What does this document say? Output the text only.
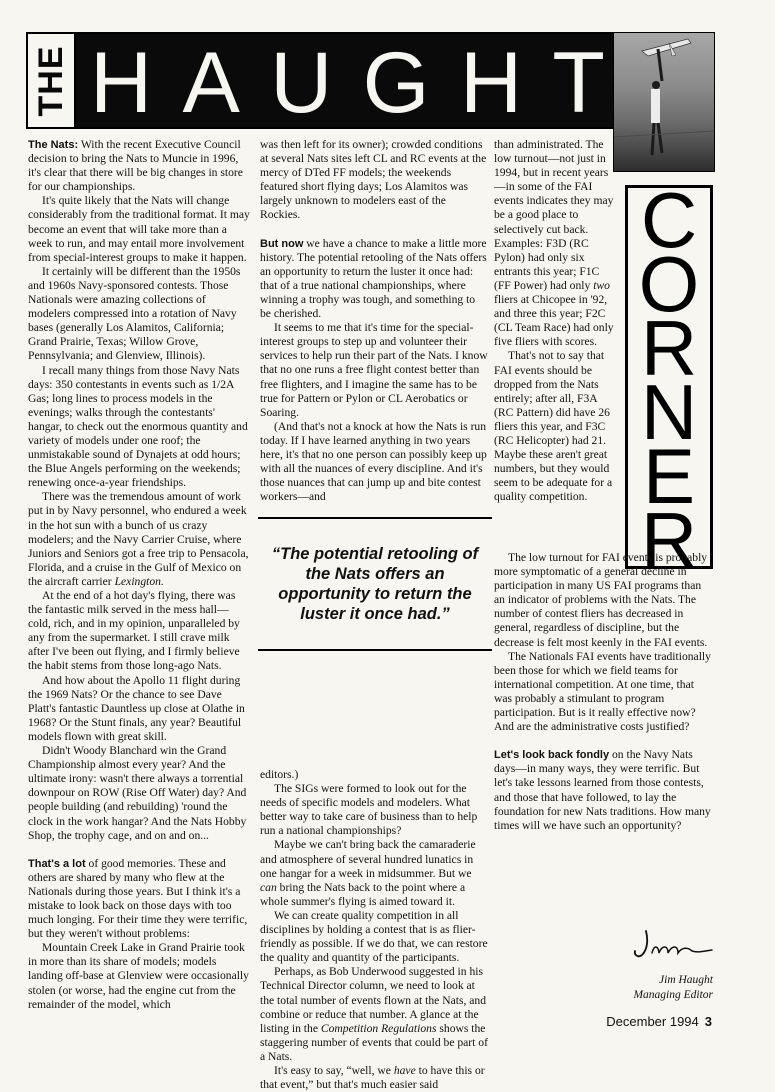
THE H A U G H T
C
O
R
N
E
R

The Nats: With the recent Executive Council decision to bring the Nats to Muncie in 1996, it's clear that there will be big changes in store for our championships.

It's quite likely that the Nats will change considerably from the traditional format. It may become an event that will take more than a week to run, and may entail more involvement from special-interest groups to make it happen.

It certainly will be different than the 1950s and 1960s Navy-sponsored contests. Those Nationals were amazing collections of modelers compressed into a rotation of Navy bases (generally Los Alamitos, California; Grand Prairie, Texas; Willow Grove, Pennsylvania; and Glenview, Illinois).

I recall many things from those Navy Nats days: 350 contestants in events such as 1/2A Gas; long lines to process models in the evenings; walks through the contestants' hangar, to check out the enormous quantity and variety of models under one roof; the unmistakable sound of Dynajets at odd hours; the Blue Angels performing on the weekends; renewing once-a-year friendships.

There was the tremendous amount of work put in by Navy personnel, who endured a week in the hot sun with a bunch of us crazy modelers; and the Navy Carrier Cruise, where Juniors and Seniors got a free trip to Pensacola, Florida, and a cruise in the Gulf of Mexico on the aircraft carrier Lexington.

At the end of a hot day's flying, there was the fantastic milk served in the mess hall—cold, rich, and in my opinion, unparalleled by any from the supermarket. I still crave milk after I've been out flying, and I firmly believe the habit stems from those long-ago Nats.

And how about the Apollo 11 flight during the 1969 Nats? Or the chance to see Dave Platt's fantastic Dauntless up close at Olathe in 1968? Or the Stunt finals, any year? Beautiful models flown with great skill.

Didn't Woody Blanchard win the Grand Championship almost every year? And the ultimate irony: wasn't there always a torrential downpour on ROW (Rise Off Water) day? And people building (and rebuilding) 'round the clock in the work hangar? And the Nats Hobby Shop, the trophy cage, and on and on...

That's a lot of good memories. These and others are shared by many who flew at the Nationals during those years. But I think it's a mistake to look back on those days with too much longing. For their time they were terrific, but they weren't without problems:

Mountain Creek Lake in Grand Prairie took in more than its share of models; models landing off-base at Glenview were occasionally stolen (or worse, had the engine cut from the remainder of the model, which

was then left for its owner); crowded conditions at several Nats sites left CL and RC events at the mercy of DTed FF models; the weekends featured short flying days; Los Alamitos was largely unknown to modelers east of the Rockies.

But now we have a chance to make a little more history. The potential retooling of the Nats offers an opportunity to return the luster it once had: that of a true national championships, where winning a trophy was tough, and something to be cherished.

It seems to me that it's time for the special-interest groups to step up and volunteer their services to help run their part of the Nats. I know that no one runs a free flight contest better than free flighters, and I imagine the same has to be true for Pattern or Pylon or CL Aerobatics or Soaring.

(And that's not a knock at how the Nats is run today. If I have learned anything in two years here, it's that no one person can possibly keep up with all the nuances of every discipline. And it's those nuances that can jump up and bite contest workers—and

“The potential retooling of the Nats offers an opportunity to return the luster it once had.”

editors.)

The SIGs were formed to look out for the needs of specific models and modelers. What better way to take care of business than to help run a national championships?

Maybe we can't bring back the camaraderie and atmosphere of several hundred lunatics in one hangar for a week in midsummer. But we can bring the Nats back to the point where a whole summer's flying is aimed toward it.

We can create quality competition in all disciplines by holding a contest that is as flier-friendly as possible. If we do that, we can restore the quality and quantity of the participants.

Perhaps, as Bob Underwood suggested in his Technical Director column, we need to look at the total number of events flown at the Nats, and combine or reduce that number. A glance at the listing in the Competition Regulations shows the staggering number of events that could be part of a Nats.

It's easy to say, “well, we have to have this or that event,” but that's much easier said

than administrated. The low turnout—not just in 1994, but in recent years—in some of the FAI events indicates they may be a good place to selectively cut back. Examples: F3D (RC Pylon) had only six entrants this year; F1C (FF Power) had only two fliers at Chicopee in '92, and three this year; F2C (CL Team Race) had only five fliers with scores.

That's not to say that FAI events should be dropped from the Nats entirely; after all, F3A (RC Pattern) did have 26 fliers this year, and F3C (RC Helicopter) had 21. Maybe these aren't great numbers, but they would seem to be adequate for a quality competition.

The low turnout for FAI events is probably more symptomatic of a general decline in participation in many US FAI programs than an indicator of problems with the Nats. The number of contest fliers has decreased in general, regardless of discipline, but the decrease is felt most keenly in the FAI events.

The Nationals FAI events have traditionally been those for which we field teams for international competition. At one time, that was probably a stimulant to program participation. But is it really effective now? And are the administrative costs justified?

Let's look back fondly on the Navy Nats days—in many ways, they were terrific. But let's take lessons learned from those contests, and those that have followed, to lay the foundation for new Nats traditions. How many times will we have such an opportunity?

Jim Haught
Managing Editor
December 1994 3
